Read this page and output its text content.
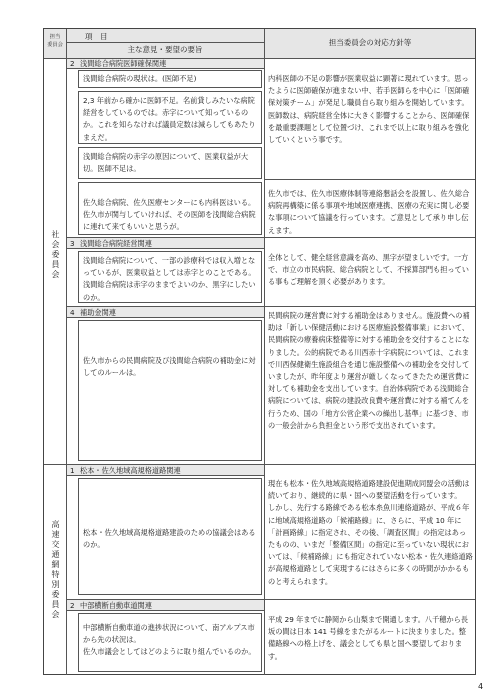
担当
委員会
項　目
主な意見・要望の要旨
担当委員会の対応方針等
社会委員会
高速交通網特別委員会
2 浅間総合病院医師確保関連
浅間総合病院の現状は。(医師不足)
2,3 年前から確かに医師不足。名前貸しみたいな病院経営をしているのでは。赤字について知っているのか。これを知らなければ議員定数は減らしてもあたりまえだ。
浅間総合病院の赤字の原因について、医業収益が大切。医師不足は。
佐久総合病院、佐久医療センターにも内科医はいる。佐久市が関与していければ、その医師を浅間総合病院に連れて来てもいいと思うが。
内科医師の不足の影響が医業収益に顕著に現れています。思ったように医師確保が進まない中、若手医師らを中心に「医師確保対策チーム」が発足し職員自ら取り組みを開始しています。医師数は、病院経営全体に大きく影響することから、医師確保を最重要課題として位置づけ、これまで以上に取り組みを強化していくという事です。
佐久市では、佐久市医療体制等連絡懇話会を設置し、佐久総合病院再構築に係る事項や地域医療連携、医療の充実に関し必要な事項について協議を行っています。ご意見として承り申し伝えます。
3 浅間総合病院経営関連
浅間総合病院について、一部の診療科では収入増となっているが、医業収益としては赤字とのことである。浅間総合病院は赤字のままでよいのか、黒字にしたいのか。
全体として、健全経営意識を高め、黒字が望ましいです。一方で、市立の市民病院、総合病院として、不採算部門も担っている事もご理解を頂く必要があります。
4 補助金関連
佐久市からの民間病院及び浅間総合病院の補助金に対してのルールは。
民間病院の運営費に対する補助金はありません。施設費への補助は「新しい保健活動における医療施設整備事業」において、民間病院の療養病床整備等に対する補助金を交付することになりました。公的病院である川西赤十字病院については、これまで川西保健衛生施設組合を通じ施設整備への補助金を交付していましたが、昨年度より運営が厳しくなってきたため運営費に対しても補助金を支出しています。自治体病院である浅間総合病院については、病院の建設改良費や運営費に対する補てんを行うため、国の「地方公営企業への繰出し基準」に基づき、市の一般会計から負担金という形で支出されています。
1 松本・佐久地域高規格道路関連
松本・佐久地域高規格道路建設のための協議会はあるのか。
現在も松本・佐久地域高規格道路建設促進期成同盟会の活動は続いており、継続的に県・国への要望活動を行っています。
しかし、先行する路線である松本糸魚川連絡道路が、平成６年に地域高規格道路の「候補路線」に、さらに、平成 10 年に「計画路線」に指定され、その後、「調査区間」の指定はあったものの、いまだ「整備区間」の指定に至っていない現状においては、「候補路線」にも指定されていない松本・佐久連絡道路が高規格道路として実現するにはさらに多くの時間がかかるものと考えられます。
2 中部横断自動車道関連
中部横断自動車道の進捗状況について、南アルプス市から先の状況は。
佐久市議会としてはどのように取り組んでいるのか。
平成 29 年までに静岡から山梨まで開通します。八千穂から長坂の間は日本 141 号線をまたがるルートに決まりました。整備路線への格上げを、議会としても県と国へ要望しております。
4
